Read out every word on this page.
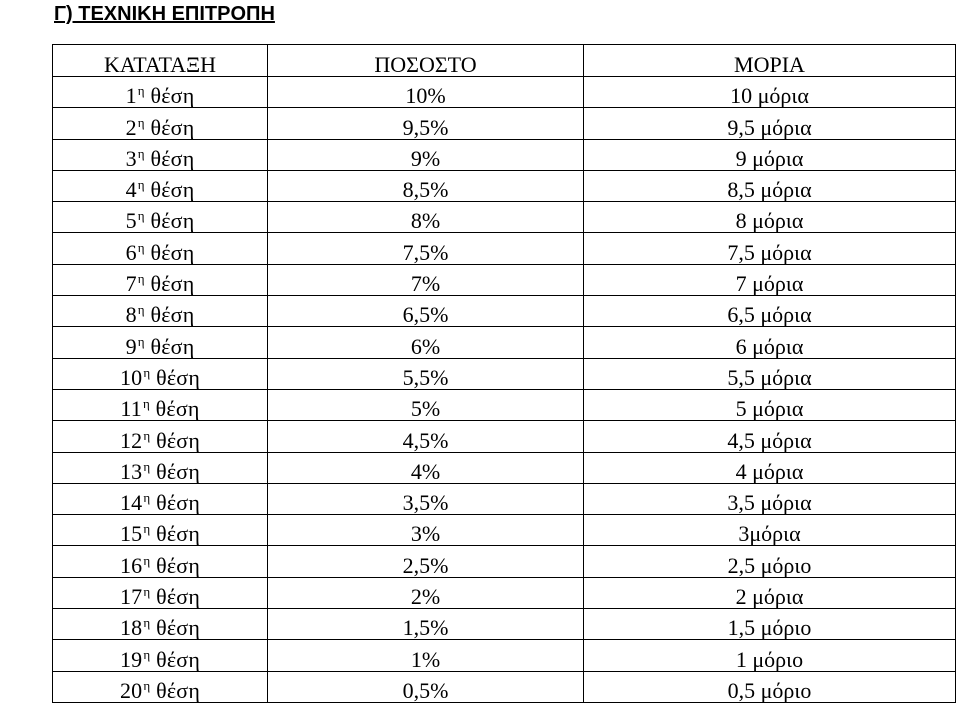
Γ) ΤΕΧΝΙΚΗ ΕΠΙΤΡΟΠΗ
ΚΑΤΑΤΑΞΗ	ΠΟΣΟΣΤΟ	ΜΟΡΙΑ
$1^\eta$ θέση	10%	10 μόρια
$2^\eta$ θέση	9,5%	9,5 μόρια
$3^\eta$ θέση	9%	9 μόρια
$4^\eta$ θέση	8,5%	8,5 μόρια
$5^\eta$ θέση	8%	8 μόρια
$6^\eta$ θέση	7,5%	7,5 μόρια
$7^\eta$ θέση	7%	7 μόρια
$8^\eta$ θέση	6,5%	6,5 μόρια
$9^\eta$ θέση	6%	6 μόρια
$10^\eta$ θέση	5,5%	5,5 μόρια
$11^\eta$ θέση	5%	5 μόρια
$12^\eta$ θέση	4,5%	4,5 μόρια
$13^\eta$ θέση	4%	4 μόρια
$14^\eta$ θέση	3,5%	3,5 μόρια
$15^\eta$ θέση	3%	3μόρια
$16^\eta$ θέση	2,5%	2,5 μόριο
$17^\eta$ θέση	2%	2 μόρια
$18^\eta$ θέση	1,5%	1,5 μόριο
$19^\eta$ θέση	1%	1 μόριο
$20^\eta$ θέση	0,5%	0,5 μόριο
